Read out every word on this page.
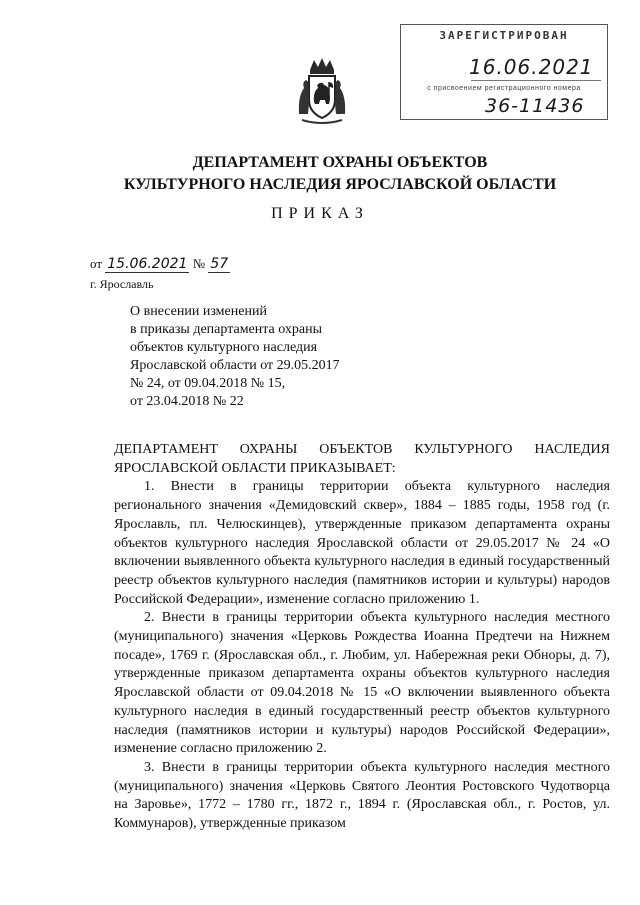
ЗАРЕГИСТРИРОВАН
16.06.2021
с присвоением регистрационного номера
36-11436
ДЕПАРТАМЕНТ ОХРАНЫ ОБЪЕКТОВ
КУЛЬТУРНОГО НАСЛЕДИЯ ЯРОСЛАВСКОЙ ОБЛАСТИ
ПРИКАЗ
от 15.06.2021 № 57
г. Ярославль
О внесении изменений
в приказы департамента охраны
объектов культурного наследия
Ярославской области от 29.05.2017
№ 24, от 09.04.2018 № 15,
от 23.04.2018 № 22

ДЕПАРТАМЕНТ ОХРАНЫ ОБЪЕКТОВ КУЛЬТУРНОГО НАСЛЕДИЯ ЯРОСЛАВСКОЙ ОБЛАСТИ ПРИКАЗЫВАЕТ:

1. Внести в границы территории объекта культурного наследия регионального значения «Демидовский сквер», 1884 – 1885 годы, 1958 год (г. Ярославль, пл. Челюскинцев), утвержденные приказом департамента охраны объектов культурного наследия Ярославской области от 29.05.2017 № 24 «О включении выявленного объекта культурного наследия в единый государственный реестр объектов культурного наследия (памятников истории и культуры) народов Российской Федерации», изменение согласно приложению 1.

2. Внести в границы территории объекта культурного наследия местного (муниципального) значения «Церковь Рождества Иоанна Предтечи на Нижнем посаде», 1769 г. (Ярославская обл., г. Любим, ул. Набережная реки Обноры, д. 7), утвержденные приказом департамента охраны объектов культурного наследия Ярославской области от 09.04.2018 № 15 «О включении выявленного объекта культурного наследия в единый государственный реестр объектов культурного наследия (памятников истории и культуры) народов Российской Федерации», изменение согласно приложению 2.

3. Внести в границы территории объекта культурного наследия местного (муниципального) значения «Церковь Святого Леонтия Ростовского Чудотворца на Заровье», 1772 – 1780 гг., 1872 г., 1894 г. (Ярославская обл., г. Ростов, ул. Коммунаров), утвержденные приказом
